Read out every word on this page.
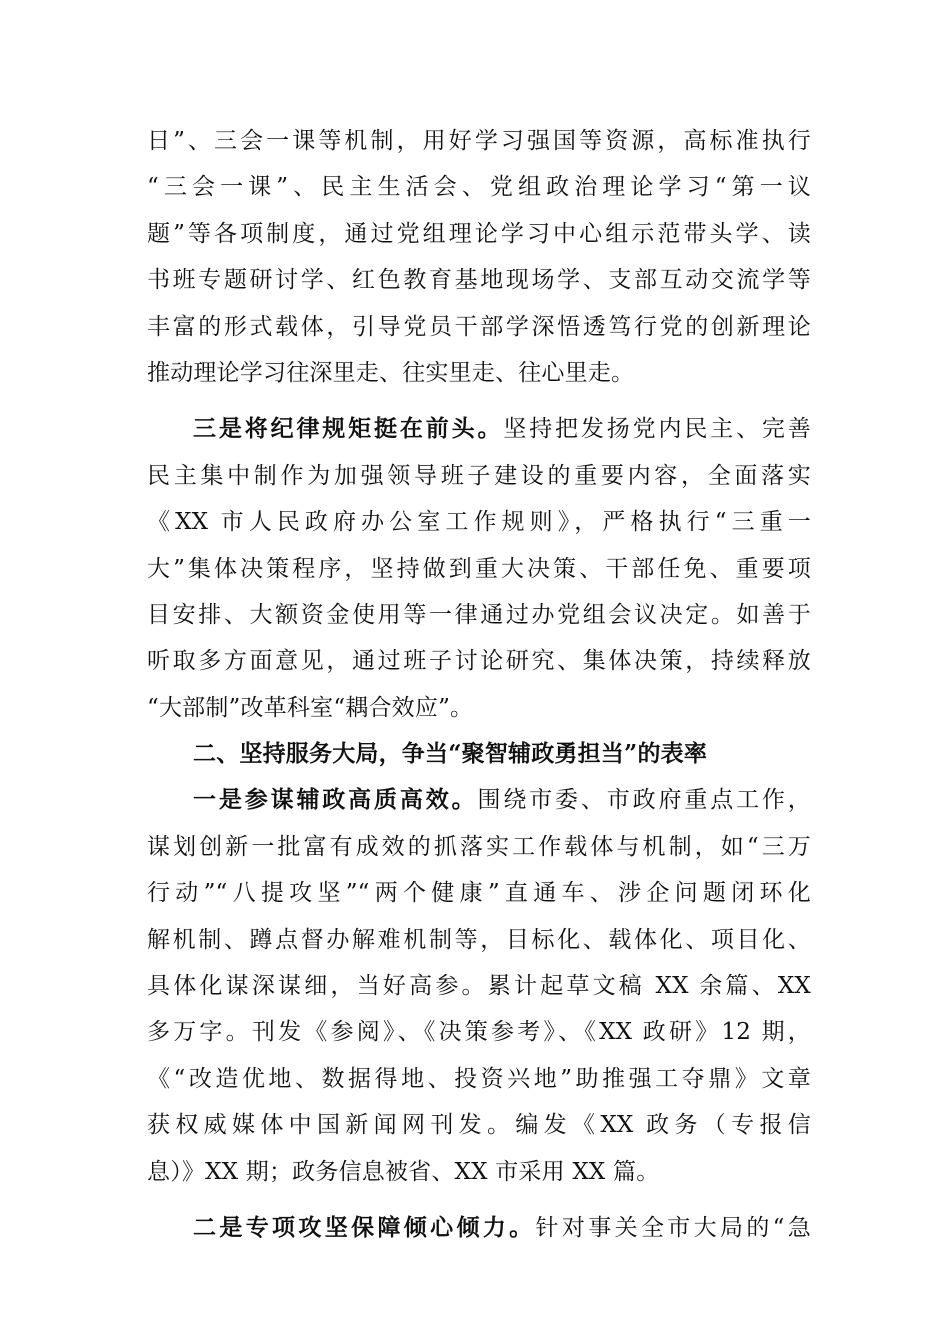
日”、三会一课等机制，用好学习强国等资源，高标准执行
“三会一课”、民主生活会、党组政治理论学习“第一议
题”等各项制度，通过党组理论学习中心组示范带头学、读
书班专题研讨学、红色教育基地现场学、支部互动交流学等
丰富的形式载体，引导党员干部学深悟透笃行党的创新理论
推动理论学习往深里走、往实里走、往心里走。
三是将纪律规矩挺在前头。坚持把发扬党内民主、完善
民主集中制作为加强领导班子建设的重要内容，全面落实
《XX 市人民政府办公室工作规则》，严格执行“三重一
大”集体决策程序，坚持做到重大决策、干部任免、重要项
目安排、大额资金使用等一律通过办党组会议决定。如善于
听取多方面意见，通过班子讨论研究、集体决策，持续释放
“大部制”改革科室“耦合效应”。
二、坚持服务大局，争当“聚智辅政勇担当”的表率
一是参谋辅政高质高效。围绕市委、市政府重点工作，
谋划创新一批富有成效的抓落实工作载体与机制，如“三万
行动”“八提攻坚”“两个健康”直通车、涉企问题闭环化
解机制、蹲点督办解难机制等，目标化、载体化、项目化、
具体化谋深谋细，当好高参。累计起草文稿 XX 余篇、XX
多万字。刊发《参阅》、《决策参考》、《XX 政研》12 期，
《“改造优地、数据得地、投资兴地”助推强工夺鼎》文章
获权威媒体中国新闻网刊发。编发《XX 政务（专报信
息）》XX 期；政务信息被省、XX 市采用 XX 篇。
二是专项攻坚保障倾心倾力。针对事关全市大局的“急
